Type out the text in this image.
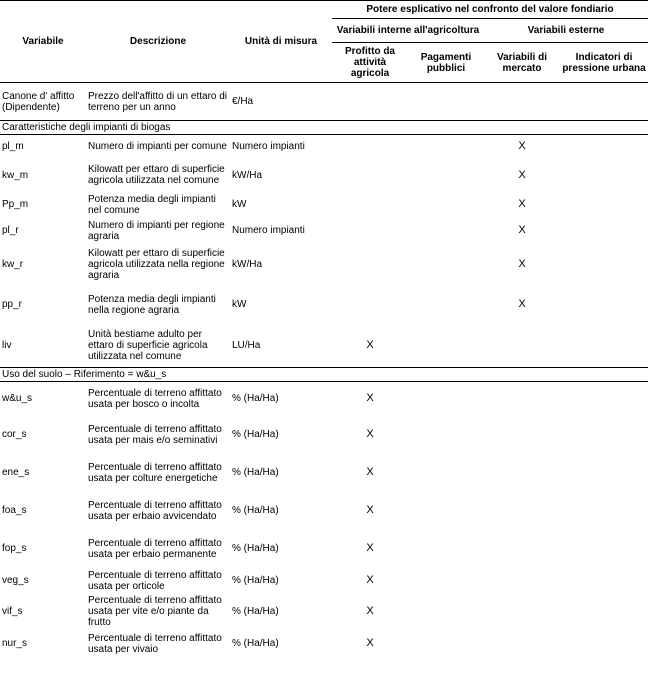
Variabile	Descrizione	Unità di misura	Potere esplicativo nel confronto del valore fondiario			
			Variabili interne all'agricoltura		Variabili esterne	
			Profitto da attività agricola	Pagamenti pubblici	Variabili di mercato	Indicatori di pressione urbana
Canone d' affitto (Dipendente)	Prezzo dell'affitto di un ettaro di terreno per un anno	€/Ha				
Caratteristiche degli impianti di biogas						
pl_m	Numero di impianti per comune	Numero impianti			X	
kw_m	Kilowatt per ettaro di superficie agricola utilizzata nel comune	kW/Ha			X	
Pp_m	Potenza media degli impianti nel comune	kW			X	
pl_r	Numero di impianti per regione agraria	Numero impianti			X	
kw_r	Kilowatt per ettaro di superficie agricola utilizzata nella regione agraria	kW/Ha			X	
pp_r	Potenza media degli impianti nella regione agraria	kW			X	
liv	Unità bestiame adulto per ettaro di superficie agricola utilizzata nel comune	LU/Ha	X			
Uso del suolo – Riferimento = w&u_s						
w&u_s	Percentuale di terreno affittato usata per bosco o incolta	% (Ha/Ha)	X			
cor_s	Percentuale di terreno affittato usata per mais e/o seminativi	% (Ha/Ha)	X			
ene_s	Percentuale di terreno affittato usata per colture energetiche	% (Ha/Ha)	X			
foa_s	Percentuale di terreno affittato usata per erbaio avvicendato	% (Ha/Ha)	X			
fop_s	Percentuale di terreno affittato usata per erbaio permanente	% (Ha/Ha)	X			
veg_s	Percentuale di terreno affittato usata per orticole	% (Ha/Ha)	X			
vif_s	Percentuale di terreno affittato usata per vite e/o piante da frutto	% (Ha/Ha)	X			
nur_s	Percentuale di terreno affittato usata per vivaio	% (Ha/Ha)	X			
